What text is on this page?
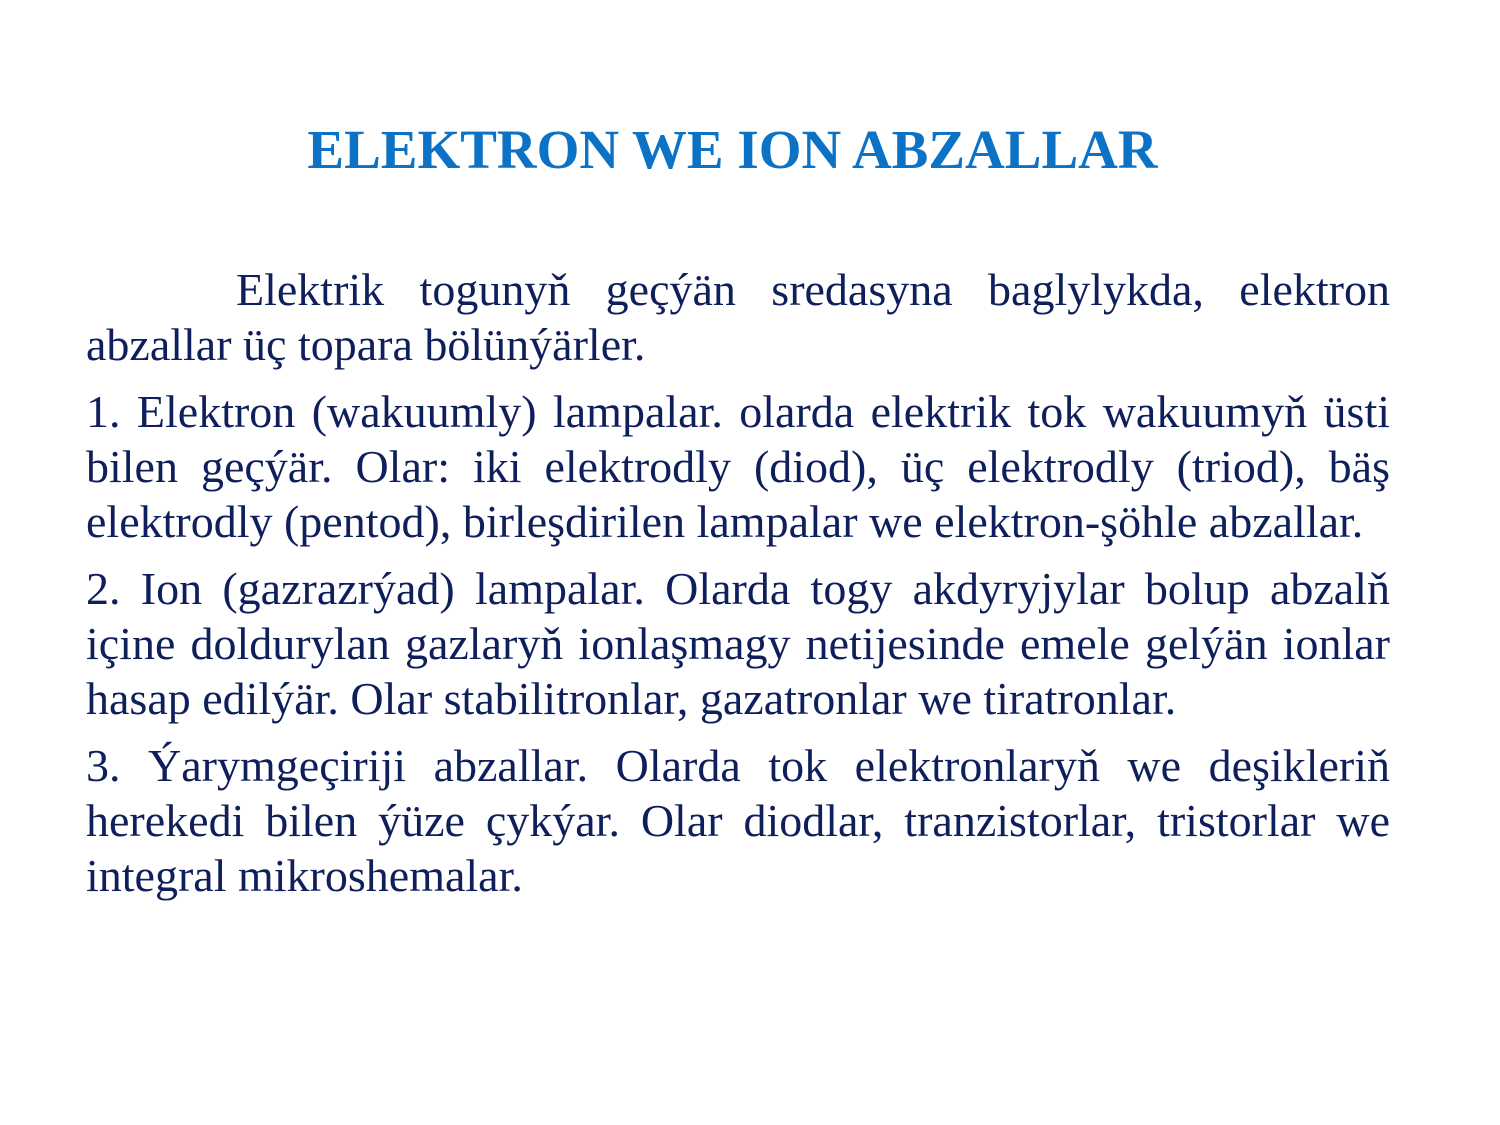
ELEKTRON WE ION ABZALLAR

Elektrik togunyň geçýän sredasyna baglylykda, elektron abzallar üç topara bölünýärler.

1. Elektron (wakuumly) lampalar. olarda elektrik tok wakuumyň üsti bilen geçýär. Olar: iki elektrodly (diod), üç elektrodly (triod), bäş elektrodly (pentod), birleşdirilen lampalar we elektron-şöhle abzallar.

2. Ion (gazrazrýad) lampalar. Olarda togy akdyryjylar bolup abzalň içine doldurylan gazlaryň ionlaşmagy netijesinde emele gelýän ionlar hasap edilýär. Olar stabilitronlar, gazatronlar we tiratronlar.

3. Ýarymgeçiriji abzallar. Olarda tok elektronlaryň we deşikleriň herekedi bilen ýüze çykýar. Olar diodlar, tranzistorlar, tristorlar we integral mikroshemalar.
